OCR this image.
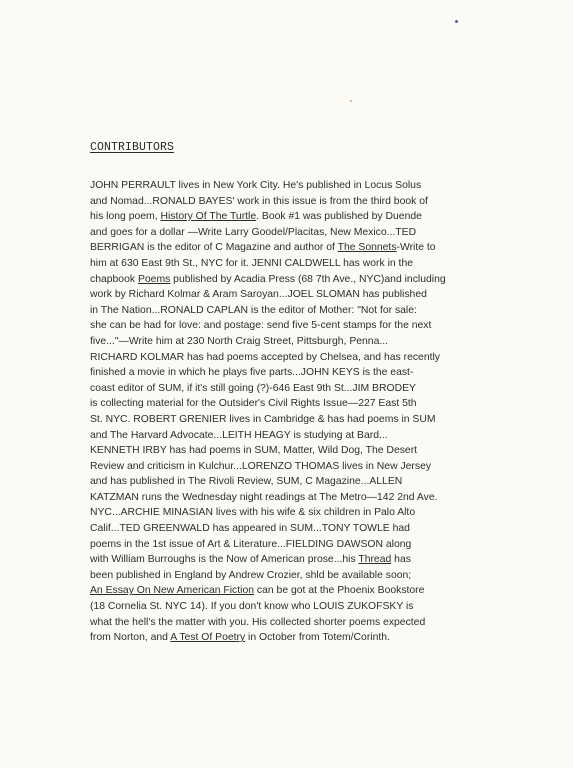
CONTRIBUTORS
JOHN PERRAULT lives in New York City. He's published in Locus Solus
and Nomad...RONALD BAYES' work in this issue is from the third book of
his long poem, History Of The Turtle. Book #1 was published by Duende
and goes for a dollar —Write Larry Goodel/Placitas, New Mexico...TED
BERRIGAN is the editor of C Magazine and author of The Sonnets-Write to
him at 630 East 9th St., NYC for it. JENNI CALDWELL has work in the
chapbook Poems published by Acadia Press (68 7th Ave., NYC)and including
work by Richard Kolmar & Aram Saroyan...JOEL SLOMAN has published
in The Nation...RONALD CAPLAN is the editor of Mother: "Not for sale:
she can be had for love: and postage: send five 5-cent stamps for the next
five..."—Write him at 230 North Craig Street, Pittsburgh, Penna...
RICHARD KOLMAR has had poems accepted by Chelsea, and has recently
finished a movie in which he plays five parts...JOHN KEYS is the east-
coast editor of SUM, if it's still going (?)-646 East 9th St...JIM BRODEY
is collecting material for the Outsider's Civil Rights Issue—227 East 5th
St. NYC. ROBERT GRENIER lives in Cambridge & has had poems in SUM
and The Harvard Advocate...LEITH HEAGY is studying at Bard...
KENNETH IRBY has had poems in SUM, Matter, Wild Dog, The Desert
Review and criticism in Kulchur...LORENZO THOMAS lives in New Jersey
and has published in The Rivoli Review, SUM, C Magazine...ALLEN
KATZMAN runs the Wednesday night readings at The Metro—142 2nd Ave.
NYC...ARCHIE MINASIAN lives with his wife & six children in Palo Alto
Calif...TED GREENWALD has appeared in SUM...TONY TOWLE had
poems in the 1st issue of Art & Literature...FIELDING DAWSON along
with William Burroughs is the Now of American prose...his Thread has
been published in England by Andrew Crozier, shld be available soon;
An Essay On New American Fiction can be got at the Phoenix Bookstore
(18 Cornelia St. NYC 14). If you don't know who LOUIS ZUKOFSKY is
what the hell's the matter with you. His collected shorter poems expected
from Norton, and A Test Of Poetry in October from Totem/Corinth.
